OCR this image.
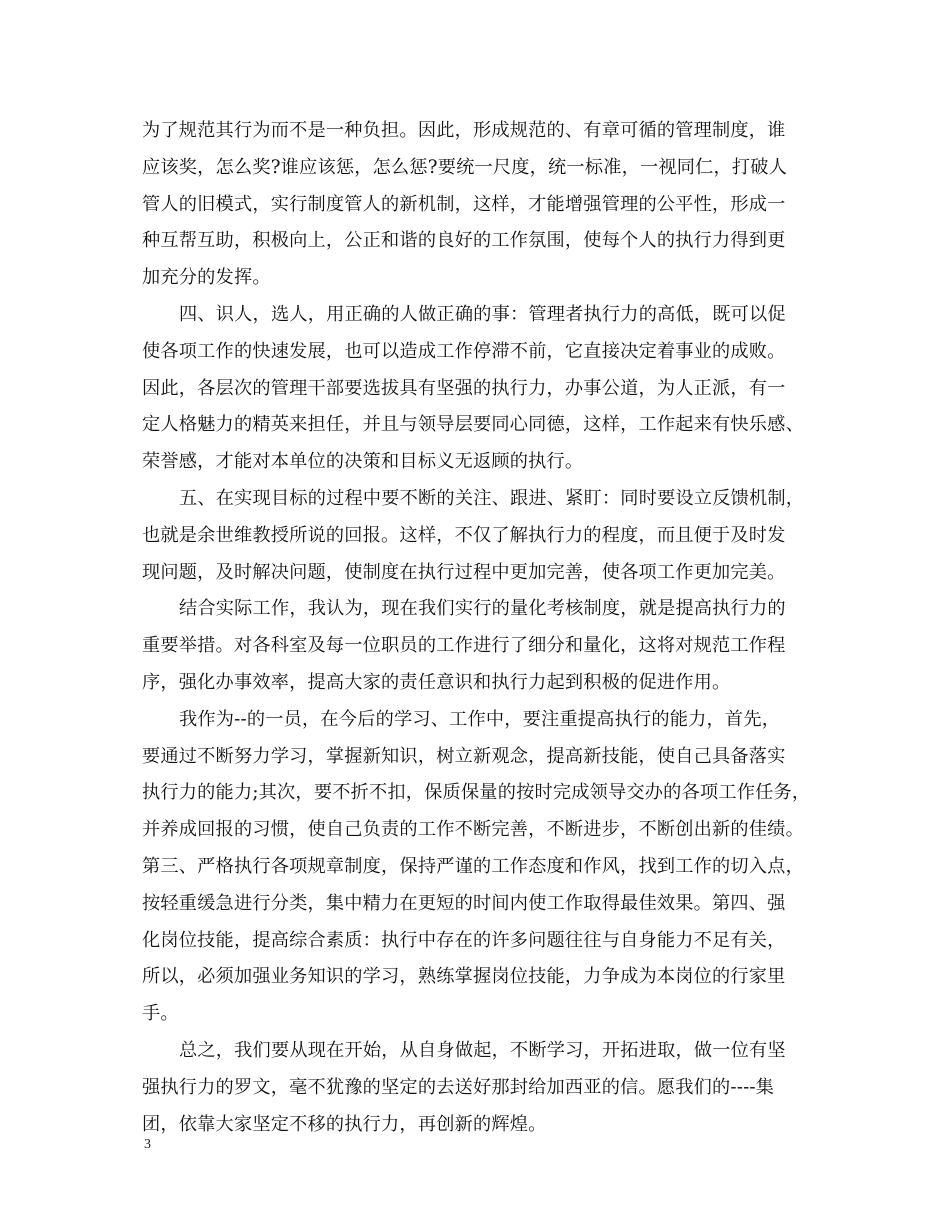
为了规范其行为而不是一种负担。因此，形成规范的、有章可循的管理制度，谁
应该奖，怎么奖?谁应该惩，怎么惩?要统一尺度，统一标准，一视同仁，打破人
管人的旧模式，实行制度管人的新机制，这样，才能增强管理的公平性，形成一
种互帮互助，积极向上，公正和谐的良好的工作氛围，使每个人的执行力得到更
加充分的发挥。
四、识人，选人，用正确的人做正确的事：管理者执行力的高低，既可以促
使各项工作的快速发展，也可以造成工作停滞不前，它直接决定着事业的成败。
因此，各层次的管理干部要选拔具有坚强的执行力，办事公道，为人正派，有一
定人格魅力的精英来担任，并且与领导层要同心同德，这样，工作起来有快乐感、
荣誉感，才能对本单位的决策和目标义无返顾的执行。
五、在实现目标的过程中要不断的关注、跟进、紧盯：同时要设立反馈机制，
也就是余世维教授所说的回报。这样，不仅了解执行力的程度，而且便于及时发
现问题，及时解决问题，使制度在执行过程中更加完善，使各项工作更加完美。
结合实际工作，我认为，现在我们实行的量化考核制度，就是提高执行力的
重要举措。对各科室及每一位职员的工作进行了细分和量化，这将对规范工作程
序，强化办事效率，提高大家的责任意识和执行力起到积极的促进作用。
我作为--的一员，在今后的学习、工作中，要注重提高执行的能力，首先，
要通过不断努力学习，掌握新知识，树立新观念，提高新技能，使自己具备落实
执行力的能力;其次，要不折不扣，保质保量的按时完成领导交办的各项工作任务，
并养成回报的习惯，使自己负责的工作不断完善，不断进步，不断创出新的佳绩。
第三、严格执行各项规章制度，保持严谨的工作态度和作风，找到工作的切入点，
按轻重缓急进行分类，集中精力在更短的时间内使工作取得最佳效果。第四、强
化岗位技能，提高综合素质：执行中存在的许多问题往往与自身能力不足有关，
所以，必须加强业务知识的学习，熟练掌握岗位技能，力争成为本岗位的行家里
手。
总之，我们要从现在开始，从自身做起，不断学习，开拓进取，做一位有坚
强执行力的罗文，毫不犹豫的坚定的去送好那封给加西亚的信。愿我们的----集
团，依靠大家坚定不移的执行力，再创新的辉煌。
3
